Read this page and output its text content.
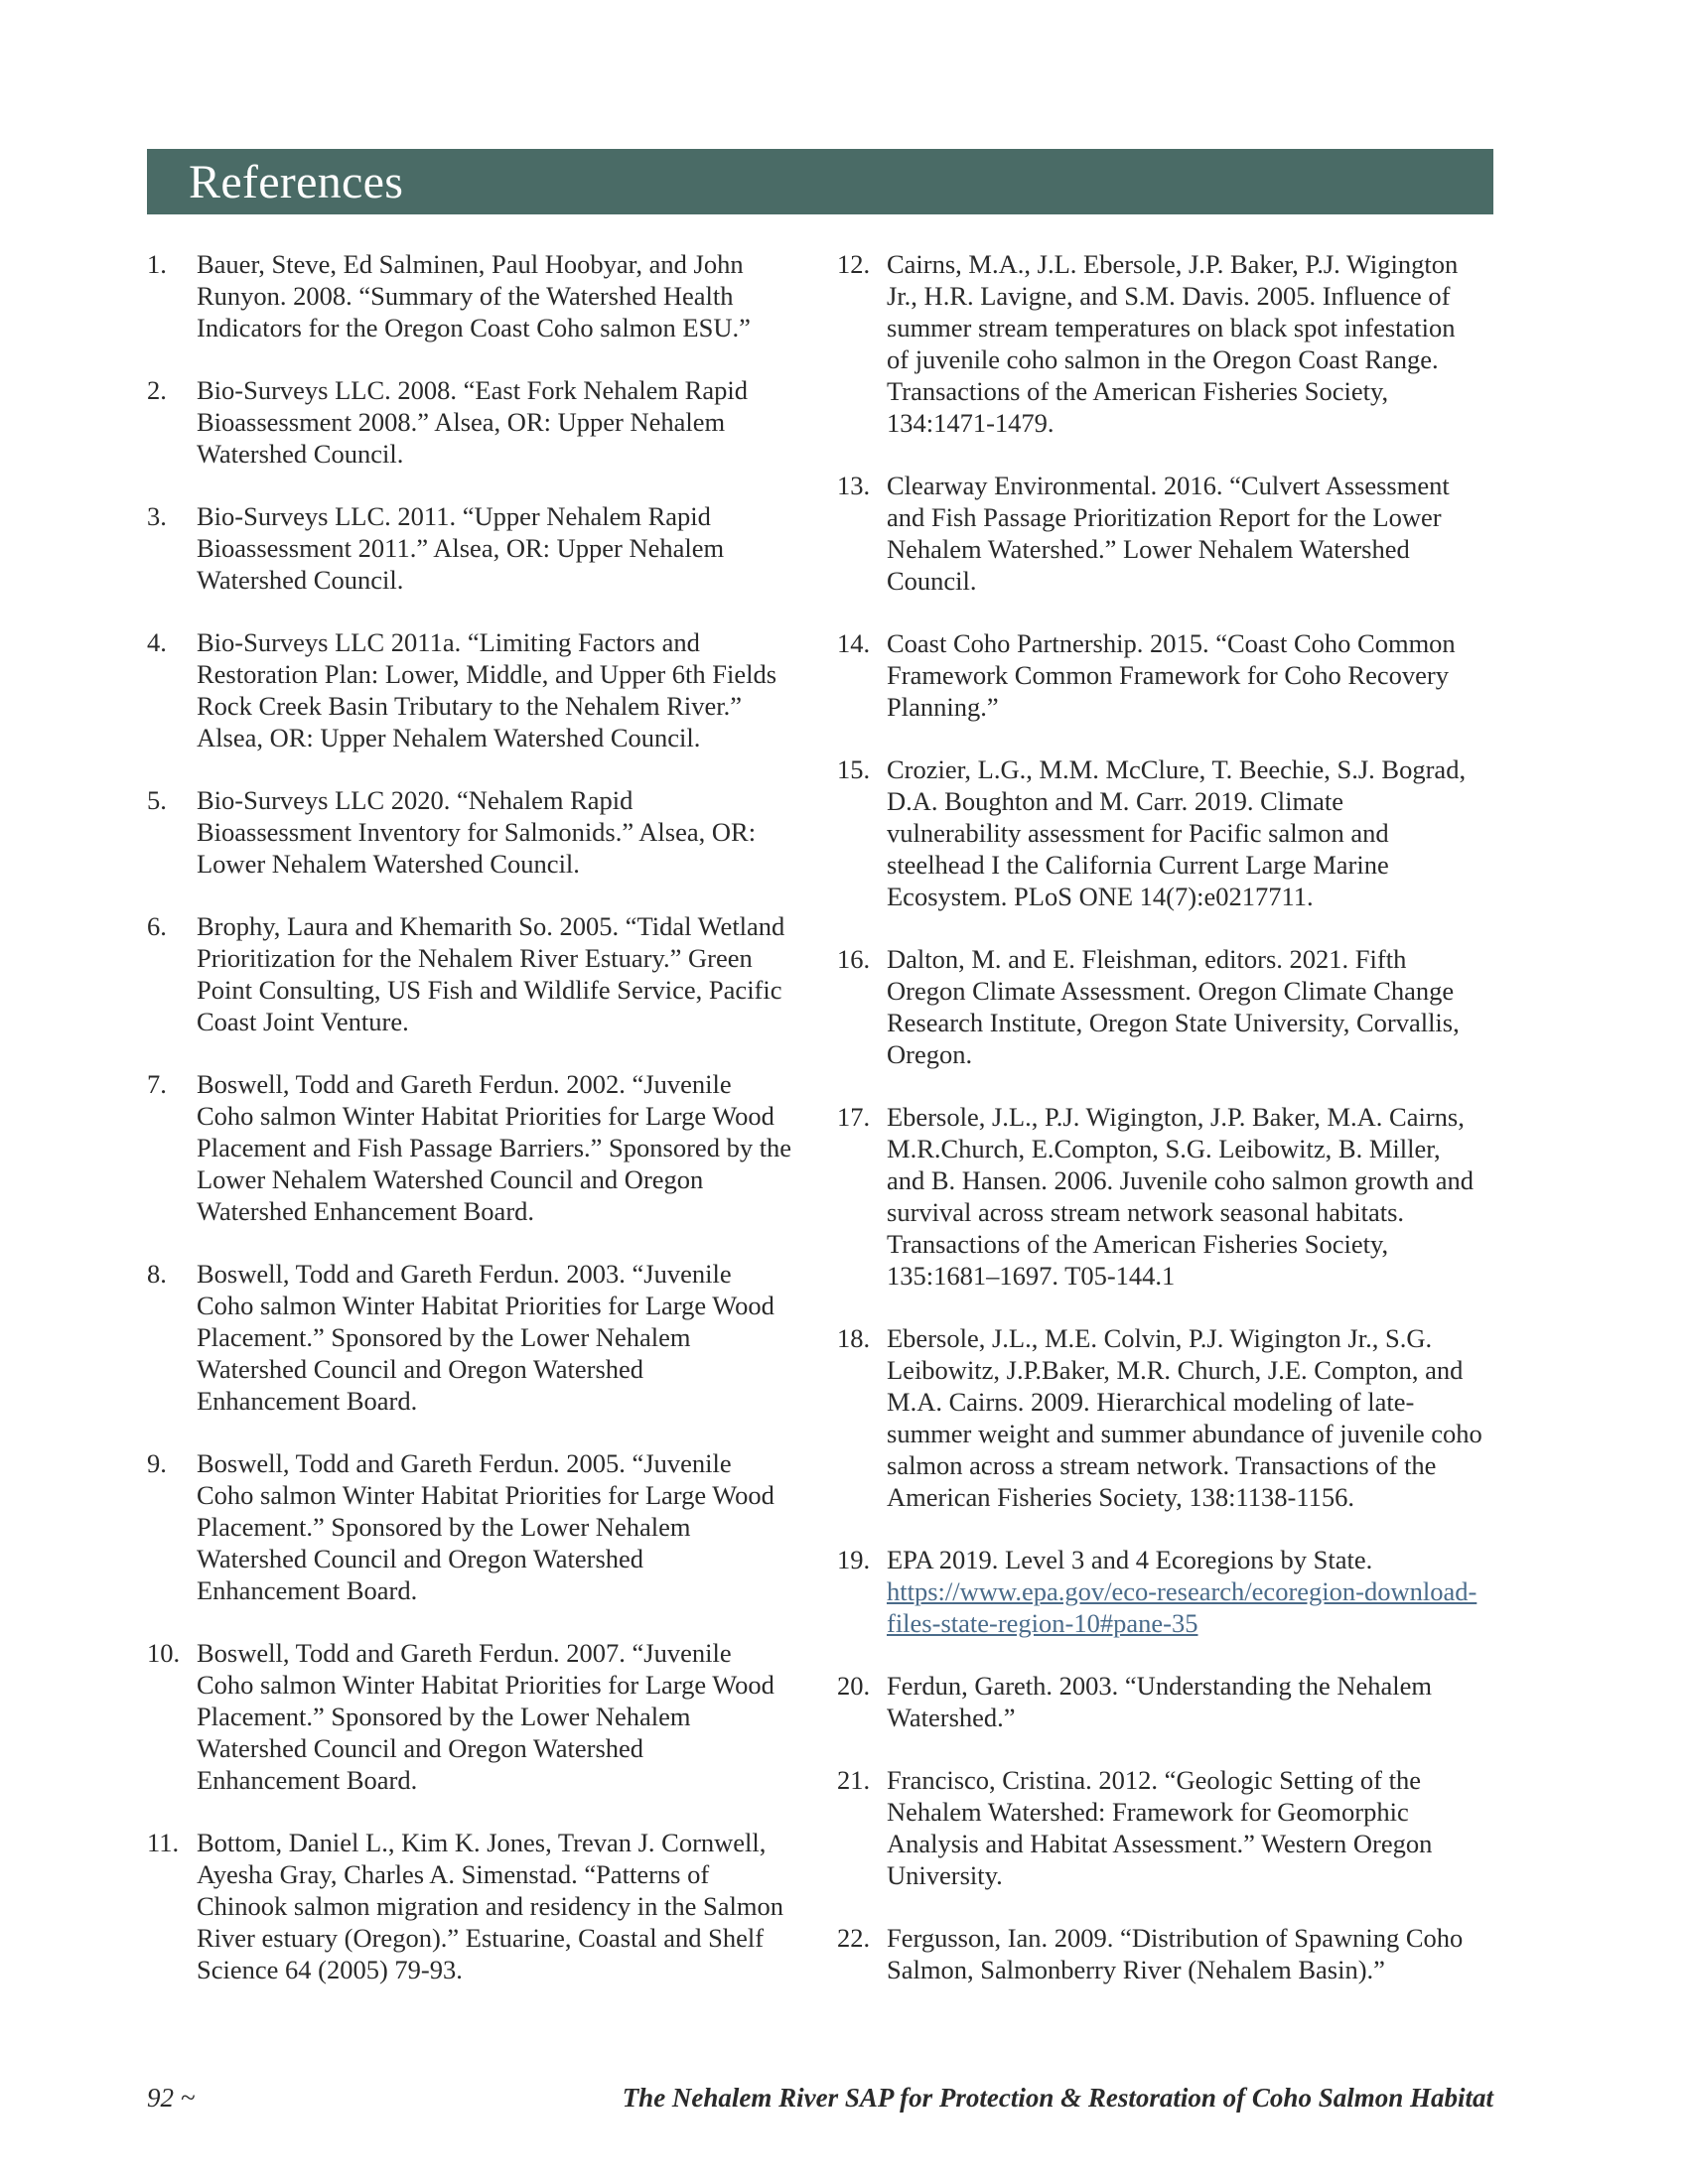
References
1.	Bauer, Steve, Ed Salminen, Paul Hoobyar, and John Runyon. 2008. “Summary of the Watershed Health Indicators for the Oregon Coast Coho salmon ESU.”
2.	Bio-Surveys LLC. 2008. “East Fork Nehalem Rapid Bioassessment 2008.” Alsea, OR: Upper Nehalem Watershed Council.
3.	Bio-Surveys LLC. 2011. “Upper Nehalem Rapid Bioassessment 2011.” Alsea, OR: Upper Nehalem Watershed Council.
4.	Bio-Surveys LLC 2011a. “Limiting Factors and Restoration Plan: Lower, Middle, and Upper 6th Fields Rock Creek Basin Tributary to the Nehalem River.” Alsea, OR: Upper Nehalem Watershed Council.
5.	Bio-Surveys LLC 2020. “Nehalem Rapid Bioassessment Inventory for Salmonids.” Alsea, OR: Lower Nehalem Watershed Council.
6.	Brophy, Laura and Khemarith So. 2005. “Tidal Wetland Prioritization for the Nehalem River Estuary.” Green Point Consulting, US Fish and Wildlife Service, Pacific Coast Joint Venture.
7.	Boswell, Todd and Gareth Ferdun. 2002. “Juvenile Coho salmon Winter Habitat Priorities for Large Wood Placement and Fish Passage Barriers.” Sponsored by the Lower Nehalem Watershed Council and Oregon Watershed Enhancement Board.
8.	Boswell, Todd and Gareth Ferdun. 2003. “Juvenile Coho salmon Winter Habitat Priorities for Large Wood Placement.” Sponsored by the Lower Nehalem Watershed Council and Oregon Watershed Enhancement Board.
9.	Boswell, Todd and Gareth Ferdun. 2005. “Juvenile Coho salmon Winter Habitat Priorities for Large Wood Placement.” Sponsored by the Lower Nehalem Watershed Council and Oregon Watershed Enhancement Board.
10. Boswell, Todd and Gareth Ferdun. 2007. “Juvenile Coho salmon Winter Habitat Priorities for Large Wood Placement.” Sponsored by the Lower Nehalem Watershed Council and Oregon Watershed Enhancement Board.
11. Bottom, Daniel L., Kim K. Jones, Trevan J. Cornwell, Ayesha Gray, Charles A. Simenstad. “Patterns of Chinook salmon migration and residency in the Salmon River estuary (Oregon).” Estuarine, Coastal and Shelf Science 64 (2005) 79-93.
12. Cairns, M.A., J.L. Ebersole, J.P. Baker, P.J. Wigington Jr., H.R. Lavigne, and S.M. Davis. 2005. Influence of summer stream temperatures on black spot infestation of juvenile coho salmon in the Oregon Coast Range. Transactions of the American Fisheries Society, 134:1471-1479.
13. Clearway Environmental. 2016. “Culvert Assessment and Fish Passage Prioritization Report for the Lower Nehalem Watershed.” Lower Nehalem Watershed Council.
14. Coast Coho Partnership. 2015. “Coast Coho Common Framework Common Framework for Coho Recovery Planning.”
15. Crozier, L.G., M.M. McClure, T. Beechie, S.J. Bograd, D.A. Boughton and M. Carr. 2019. Climate vulnerability assessment for Pacific salmon and steelhead I the California Current Large Marine Ecosystem. PLoS ONE 14(7):e0217711.
16. Dalton, M. and E. Fleishman, editors. 2021. Fifth Oregon Climate Assessment. Oregon Climate Change Research Institute, Oregon State University, Corvallis, Oregon.
17. Ebersole, J.L., P.J. Wigington, J.P. Baker, M.A. Cairns, M.R.Church, E.Compton, S.G. Leibowitz, B. Miller, and B. Hansen. 2006. Juvenile coho salmon growth and survival across stream network seasonal habitats. Transactions of the American Fisheries Society, 135:1681–1697. T05-144.1
18. Ebersole, J.L., M.E. Colvin, P.J. Wigington Jr., S.G. Leibowitz, J.P.Baker, M.R. Church, J.E. Compton, and M.A. Cairns. 2009. Hierarchical modeling of late-summer weight and summer abundance of juvenile coho salmon across a stream network. Transactions of the American Fisheries Society, 138:1138-1156.
19. EPA 2019. Level 3 and 4 Ecoregions by State.
https://www.epa.gov/eco-research/ecoregion-download-files-state-region-10#pane-35
20. Ferdun, Gareth. 2003. “Understanding the Nehalem Watershed.”
21. Francisco, Cristina. 2012. “Geologic Setting of the Nehalem Watershed: Framework for Geomorphic Analysis and Habitat Assessment.” Western Oregon University.
22. Fergusson, Ian. 2009. “Distribution of Spawning Coho Salmon, Salmonberry River (Nehalem Basin).”
92 ~	The Nehalem River SAP for Protection & Restoration of Coho Salmon Habitat
